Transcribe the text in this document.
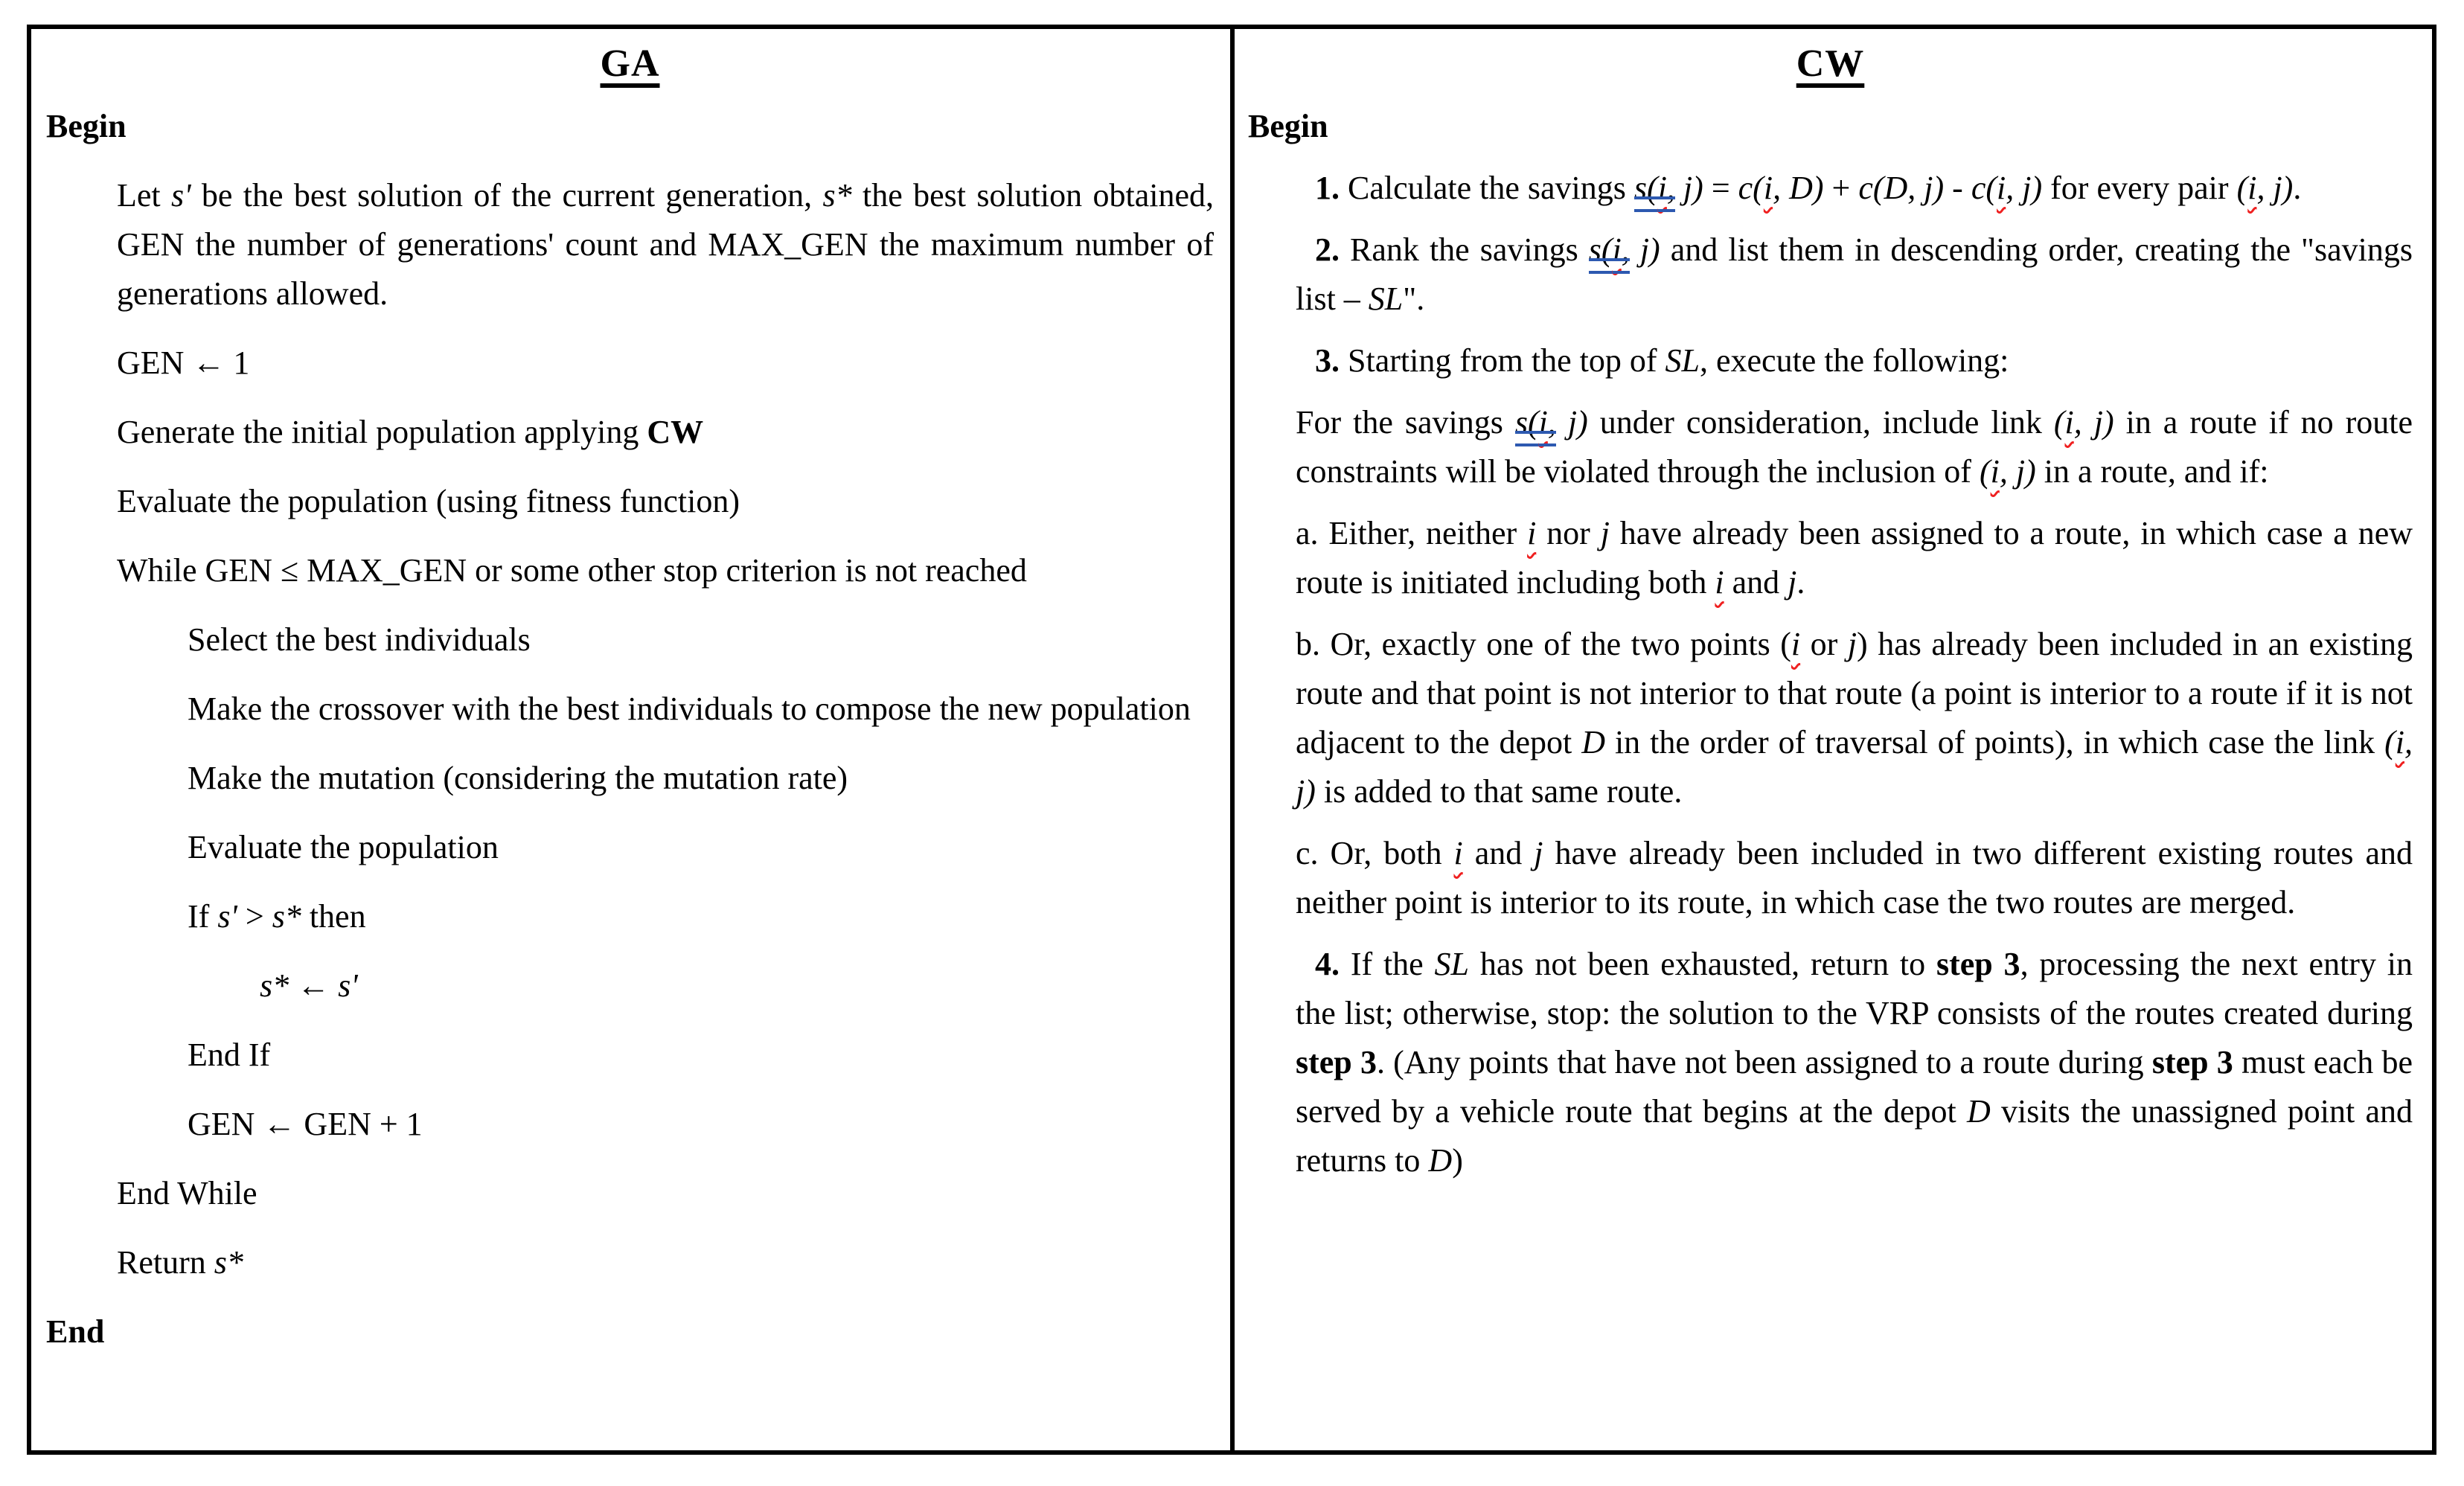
GA

Begin

Let s' be the best solution of the current generation, s* the best solution obtained, GEN the number of generations' count and MAX_GEN the maximum number of generations allowed.

GEN ← 1

Generate the initial population applying CW

Evaluate the population (using fitness function)

While GEN ≤ MAX_GEN or some other stop criterion is not reached

Select the best individuals

Make the crossover with the best individuals to compose the new population

Make the mutation (considering the mutation rate)

Evaluate the population

If s' > s* then

s* ← s'

End If

GEN ← GEN + 1

End While

Return s*

End

CW

Begin

1. Calculate the savings s(i, j) = c(i, D) + c(D, j) - c(i, j) for every pair (i, j).

2. Rank the savings s(i, j) and list them in descending order, creating the "savings list – SL".

3. Starting from the top of SL, execute the following:

For the savings s(i, j) under consideration, include link (i, j) in a route if no route constraints will be violated through the inclusion of (i, j) in a route, and if:

a. Either, neither i nor j have already been assigned to a route, in which case a new route is initiated including both i and j.

b. Or, exactly one of the two points (i or j) has already been included in an existing route and that point is not interior to that route (a point is interior to a route if it is not adjacent to the depot D in the order of traversal of points), in which case the link (i, j) is added to that same route.

c. Or, both i and j have already been included in two different existing routes and neither point is interior to its route, in which case the two routes are merged.

4. If the SL has not been exhausted, return to step 3, processing the next entry in the list; otherwise, stop: the solution to the VRP consists of the routes created during step 3. (Any points that have not been assigned to a route during step 3 must each be served by a vehicle route that begins at the depot D visits the unassigned point and returns to D)
